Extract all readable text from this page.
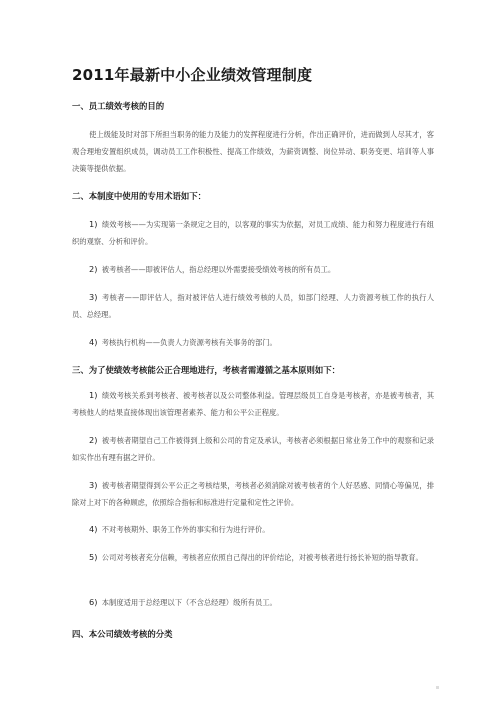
2011年最新中小企业绩效管理制度
一、员工绩效考核的目的
使上级能及时对部下所担当职务的能力及能力的发挥程度进行分析，作出正确评价，进而做到人尽其才，客观合理地安置组织成员，调动员工工作积极性、提高工作绩效，为薪资调整、岗位异动、职务变更、培训等人事决策等提供依据。
二、本制度中使用的专用术语如下：
1) 绩效考核——为实现第一条规定之目的，以客观的事实为依据，对员工成绩、能力和努力程度进行有组织的观察、分析和评价。
2) 被考核者——即被评估人，指总经理以外需要接受绩效考核的所有员工。
3) 考核者——即评估人，指对被评估人进行绩效考核的人员，如部门经理、人力资源考核工作的执行人员、总经理。
4) 考核执行机构——负责人力资源考核有关事务的部门。
三、为了使绩效考核能公正合理地进行，考核者需遵循之基本原则如下：
1) 绩效考核关系到考核者、被考核者以及公司整体利益。管理层级员工自身是考核者，亦是被考核者，其考核他人的结果直接体现出该管理者素养、能力和公平公正程度。
2) 被考核者期望自己工作被得到上级和公司的肯定及承认，考核者必须根据日常业务工作中的观察和记录如实作出有理有据之评价。
3) 被考核者期望得到公平公正之考核结果，考核者必须消除对被考核者的个人好恶感、同情心等偏见，排除对上对下的各种顾虑，依照综合指标和标准进行定量和定性之评价。
4) 不对考核期外、职务工作外的事实和行为进行评价。
5) 公司对考核者充分信赖，考核者应依照自己得出的评价结论，对被考核者进行扬长补短的指导教育。
6) 本制度适用于总经理以下（不含总经理）级所有员工。
四、本公司绩效考核的分类
